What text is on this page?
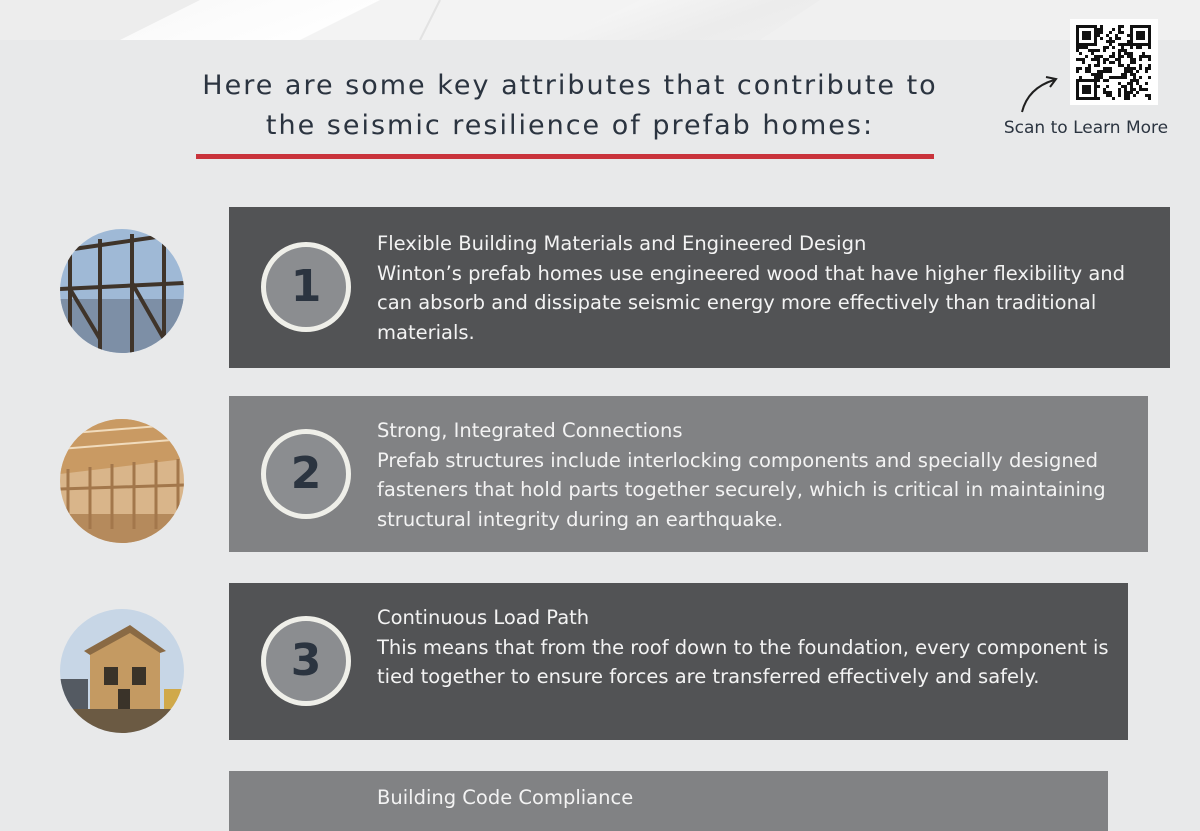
Here are some key attributes that contribute to
the seismic resilience of prefab homes:	Scan to Learn More
1
Flexible Building Materials and Engineered Design
Winton’s prefab homes use engineered wood that have higher flexibility and can absorb and dissipate seismic energy more effectively than traditional materials.
2
Strong, Integrated Connections
Prefab structures include interlocking components and specially designed fasteners that hold parts together securely, which is critical in maintaining structural integrity during an earthquake.
3
Continuous Load Path
This means that from the roof down to the foundation, every component is tied together to ensure forces are transferred effectively and safely.
Building Code Compliance
